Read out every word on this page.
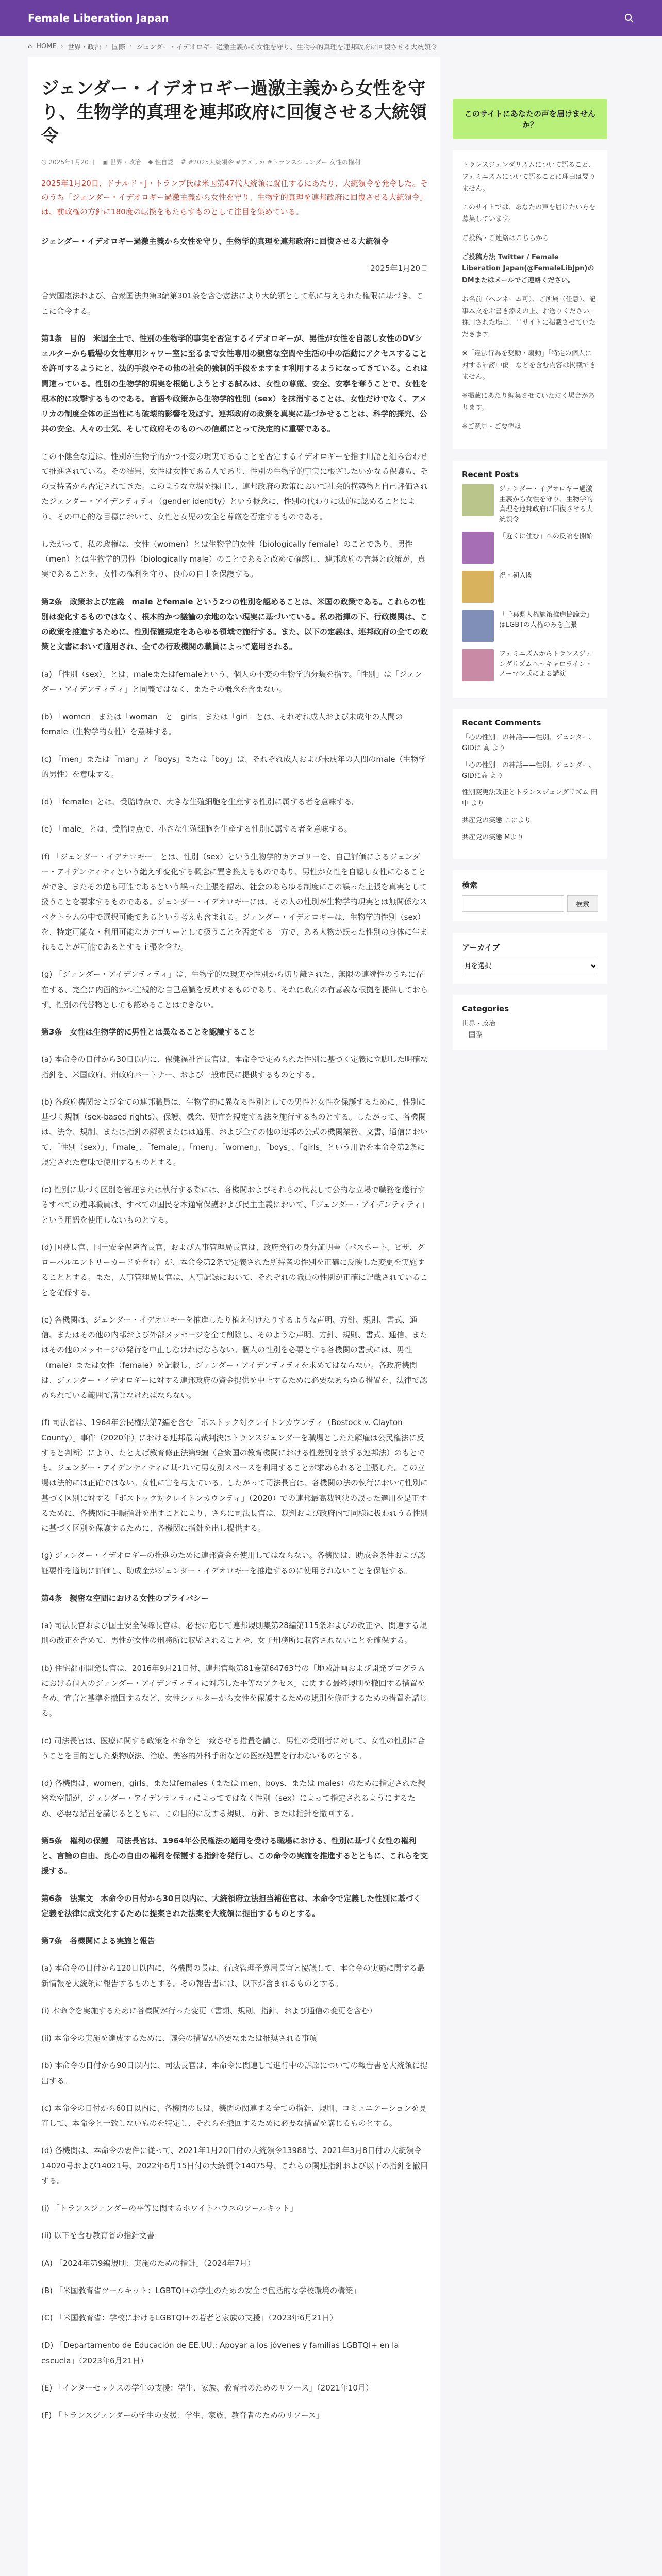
Female Liberation Japan
⌂ HOME › 世界・政治 › 国際 › ジェンダー・イデオロギー過激主義から女性を守り、生物学的真理を連邦政府に回復させる大統領令
ジェンダー・イデオロギー過激主義から女性を守り、生物学的真理を連邦政府に回復させる大統領令
◷ 2025年1月20日 ▣ 世界・政治 ◆ 性自認 # #2025大統領令 #アメリカ #トランスジェンダー 女性の権利
2025年1月20日、ドナルド・J・トランプ氏は米国第47代大統領に就任するにあたり、大統領令を発令した。そのうち「ジェンダー・イデオロギー過激主義から女性を守り、生物学的真理を連邦政府に回復させる大統領令」は、前政権の方針に180度の転換をもたらすものとして注目を集めている。

ジェンダー・イデオロギー過激主義から女性を守り、生物学的真理を連邦政府に回復させる大統領令

2025年1月20日

合衆国憲法および、合衆国法典第3編第301条を含む憲法により大統領として私に与えられた権限に基づき、ここに命令する。

第1条　目的　米国全土で、性別の生物学的事実を否定するイデオロギーが、男性が女性を自認し女性のDVシェルターから職場の女性専用シャワー室に至るまで女性専用の親密な空間や生活の中の活動にアクセスすることを許可するようにと、法的手段やその他の社会的強制的手段をますます利用するようになってきている。これは間違っている。性別の生物学的現実を根絶しようとする試みは、女性の尊厳、安全、安寧を奪うことで、女性を根本的に攻撃するものである。言語や政策から生物学的性別（sex）を抹消することは、女性だけでなく、アメリカの制度全体の正当性にも破壊的影響を及ぼす。連邦政府の政策を真実に基づかせることは、科学的探究、公共の安全、人々の士気、そして政府そのものへの信頼にとって決定的に重要である。

この不健全な道は、性別が生物学的かつ不変の現実であることを否定するイデオロギーを指す用語と組み合わせて推進されている。その結果、女性は女性である人であり、性別の生物学的事実に根ざしたいかなる保護も、その支持者から否定されてきた。このような立場を採用し、連邦政府の政策において社会的構築物と自己評価されたジェンダー・アイデンティティ（gender identity）という概念に、性別の代わりに法的に認めることにより、その中心的な目標において、女性と女児の安全と尊厳を否定するものである。

したがって、私の政権は、女性（women）とは生物学的女性（biologically female）のことであり、男性（men）とは生物学的男性（biologically male）のことであると改めて確認し、連邦政府の言葉と政策が、真実であることを、女性の権利を守り、良心の自由を保護する。

第2条　政策および定義　male とfemale という2つの性別を認めることは、米国の政策である。これらの性別は変化するものではなく、根本的かつ議論の余地のない現実に基づいている。私の指揮の下、行政機関は、この政策を推進するために、性別保護規定をあらゆる領域で施行する。また、以下の定義は、連邦政府の全ての政策と文書において適用され、全ての行政機関の職員によって適用される。

(a) 「性別（sex）」とは、maleまたはfemaleという、個人の不変の生物学的分類を指す。「性別」は「ジェンダー・アイデンティティ」と同義ではなく、またその概念を含まない。

(b) 「women」または「woman」と「girls」または「girl」とは、それぞれ成人および未成年の人間のfemale（生物学的女性）を意味する。

(c) 「men」または「man」と「boys」または「boy」は、それぞれ成人および未成年の人間のmale（生物学的男性）を意味する。

(d) 「female」とは、受胎時点で、大きな生殖細胞を生産する性別に属する者を意味する。

(e) 「male」とは、受胎時点で、小さな生殖細胞を生産する性別に属する者を意味する。

(f) 「ジェンダー・イデオロギー」とは、性別（sex）という生物学的カテゴリーを、自己評価によるジェンダー・アイデンティティという絶えず変化する概念に置き換えるものであり、男性が女性を自認し女性になることができ、またその逆も可能であるという誤った主張を認め、社会のあらゆる制度にこの誤った主張を真実として扱うことを要求するものである。ジェンダー・イデオロギーには、その人の性別が生物学的現実とは無関係なスペクトラムの中で選択可能であるという考えも含まれる。ジェンダー・イデオロギーは、生物学的性別（sex）を、特定可能な・利用可能なカテゴリーとして扱うことを否定する一方で、ある人物が誤った性別の身体に生まれることが可能であるとする主張を含む。

(g) 「ジェンダー・アイデンティティ」は、生物学的な現実や性別から切り離された、無限の連続性のうちに存在する、完全に内面的かつ主観的な自己意識を反映するものであり、それは政府の有意義な根拠を提供しておらず、性別の代替物としても認めることはできない。

第3条　女性は生物学的に男性とは異なることを認識すること

(a) 本命令の日付から30日以内に、保健福祉省長官は、本命令で定められた性別に基づく定義に立脚した明確な指針を、米国政府、州政府パートナー、および一般市民に提供するものとする。

(b) 各政府機関および全ての連邦職員は、生物学的に異なる性別としての男性と女性を保護するために、性別に基づく規制（sex-based rights）、保護、機会、便宜を規定する法を施行するものとする。したがって、各機関は、法令、規制、または指針の解釈またはは適用、および全ての他の連邦の公式の機関業務、文書、通信において、「性別（sex）」、「male」、「female」、「men」、「women」、「boys」、「girls」という用語を本命令第2条に規定された意味で使用するものとする。

(c) 性別に基づく区別を管理または執行する際には、各機関およびそれらの代表して公的な立場で職務を遂行するすべての連邦職員は、すべての国民を本通常保護および民主主義において、「ジェンダー・アイデンティティ」という用語を使用しないものとする。

(d) 国務長官、国土安全保障省長官、および人事管理局長官は、政府発行の身分証明書（パスポート、ビザ、グローバルエントリーカードを含む）が、本命令第2条で定義された所持者の性別を正確に反映した変更を実施することとする。また、人事管理局長官は、人事記録において、それぞれの職員の性別が正確に記載されていることを確保する。

(e) 各機関は、ジェンダー・イデオロギーを推進したり植え付けたりするような声明、方針、規則、書式、通信、またはその他の内部および外部メッセージを全て削除し、そのような声明、方針、規則、書式、通信、またはその他のメッセージの発行を中止しなければならない。個人の性別を必要とする各機関の書式には、男性（male）または女性（female）を記載し、ジェンダー・アイデンティティを求めてはならない。各政府機関は、ジェンダー・イデオロギーに対する連邦政府の資金提供を中止するために必要なあらゆる措置を、法律で認められている範囲で講じなければならない。

(f) 司法省は、1964年公民権法第7編を含む「ボストック対クレイトンカウンティ（Bostock v. Clayton County）」事件（2020年）における連邦最高裁判決はトランスジェンダーを職場としたた解雇は公民権法に反すると判断）により、たとえば教育修正法第9編（合衆国の教育機関における性差別を禁ずる連邦法）のもとでも、ジェンダー・アイデンティティに基づいて男女別スペースを利用することが求められると主張した。この立場は法的には正確ではない。女性に害を与えている。したがって司法長官は、各機関の法の執行において性別に基づく区別に対する「ボストック対クレイトンカウンティ」（2020）での連邦最高裁判決の誤った適用を是正するために、各機関に手順指針を出すことにより、さらに司法長官は、裁判および政府内で同様に扱われうる性別に基づく区別を保護するために、各機関に指針を出し提供する。

(g) ジェンダー・イデオロギーの推進のために連邦資金を使用してはならない。各機関は、助成金条件および認証要件を適切に評価し、助成金がジェンダー・イデオロギーを推進するのに使用されないことを保証する。

第4条　親密な空間における女性のプライバシー

(a) 司法長官および国土安全保障長官は、必要に応じて連邦規則集第28編第115条およびの改正や、関連する規則の改正を含めて、男性が女性の刑務所に収監されることや、女子刑務所に収容されないことを確保する。

(b) 住宅都市開発長官は、2016年9月21日付、連邦官報第81巻第64763号の「地域計画および開発プログラムにおける個人のジェンダー・アイデンティティに対応した平等なアクセス」に関する最終規則を撤回する措置を含め、宣言と基準を撤回するなど、女性シェルターから女性を保護するための規則を修正するための措置を講じる。

(c) 司法長官は、医療に関する政策を本命令と一致させる措置を講じ、男性の受刑者に対して、女性の性別に合うことを目的とした薬物療法、治療、美容的外科手術などの医療処置を行わないものとする。

(d) 各機関は、women、girls、またはfemales（または men、boys、または males）のために指定された親密な空間が、ジェンダー・アイデンティティによってではなく性別（sex）によって指定されるようにするため、必要な措置を講じるとともに、この目的に反する規則、方針、または指針を撤回する。

第5条　権利の保護　司法長官は、1964年公民権法の適用を受ける職場における、性別に基づく女性の権利と、言論の自由、良心の自由の権利を保護する指針を発行し、この命令の実施を推進するとともに、これらを支援する。

第6条　法案文　本命令の日付から30日以内に、大統領府立法担当補佐官は、本命令で定義した性別に基づく定義を法律に成文化するために提案された法案を大統領に提出するものとする。

第7条　各機関による実施と報告

(a) 本命令の日付から120日以内に、各機関の長は、行政管理予算局長官と協議して、本命令の実施に関する最新情報を大統領に報告するものとする。その報告書には、以下が含まれるものとする。

(i) 本命令を実施するために各機関が行った変更（書類、規則、指針、および通信の変更を含む）

(ii) 本命令の実施を達成するために、議会の措置が必要なまたは推奨される事項

(b) 本命令の日付から90日以内に、司法長官は、本命令に関連して進行中の訴訟についての報告書を大統領に提出する。

(c) 本命令の日付から60日以内に、各機関の長は、機関の関連する全ての指針、規則、コミュニケーションを見直して、本命令と一致しないものを特定し、それらを撤回するために必要な措置を講じるものとする。

(d) 各機関は、本命令の要件に従って、2021年1月20日付の大統領令13988号、2021年3月8日付の大統領令14020号および14021号、2022年6月15日付の大統領令14075号、これらの関連指針および以下の指針を撤回する。

(i) 「トランスジェンダーの平等に関するホワイトハウスのツールキット」

(ii) 以下を含む教育省の指針文書

(A) 「2024年第9編規則：実施のための指針」（2024年7月）

(B) 「米国教育省ツールキット：LGBTQI+の学生のための安全で包括的な学校環境の構築」

(C) 「米国教育省：学校におけるLGBTQI+の若者と家族の支援」（2023年6月21日）

(D) 「Departamento de Educación de EE.UU.: Apoyar a los jóvenes y familias LGBTQI+ en la escuela」（2023年6月21日）

(E) 「インターセックスの学生の支援：学生、家族、教育者のためのリソース」（2021年10月）

(F) 「トランスジェンダーの学生の支援：学生、家族、教育者のためのリソース」

このサイトにあなたの声を届けませんか？

トランスジェンダリズムについて語ること、フェミニズムについて語ることに理由は要りません。

このサイトでは、あなたの声を届けたい方を募集しています。

ご投稿・ご連絡はこちらから

ご投稿方法 Twitter / Female Liberation Japan(@FemaleLibJpn)のDMまたはメールでご連絡ください。

お名前（ペンネーム可）、ご所属（任意）、記事本文をお書き添えの上、お送りください。採用された場合、当サイトに掲載させていただきます。

※「違法行為を奨励・扇動」「特定の個人に対する誹謗中傷」などを含む内容は掲載できません。

※掲載にあたり編集させていただく場合があります。

※ご意見・ご要望は

Recent Posts

ジェンダー・イデオロギー過激主義から女性を守り、生物学的真理を連邦政府に回復させる大統領令
「近くに住む」への反論を開始
祝・初入閣
「千葉県人権施策推進協議会」はLGBTの人権のみを主張
フェミニズムからトランスジェンダリズムへ～キャロライン・ノーマン氏による講演

Recent Comments

「心の性別」の神話——性別、ジェンダー、GIDに 高 より
「心の性別」の神話——性別、ジェンダー、GIDに高 より
性別変更法改正とトランスジェンダリズム 田中 より
共産党の実態 こにより
共産党の実態 Mより

検索

検索

アーカイブ

月を選択

Categories

世界・政治
　国際
